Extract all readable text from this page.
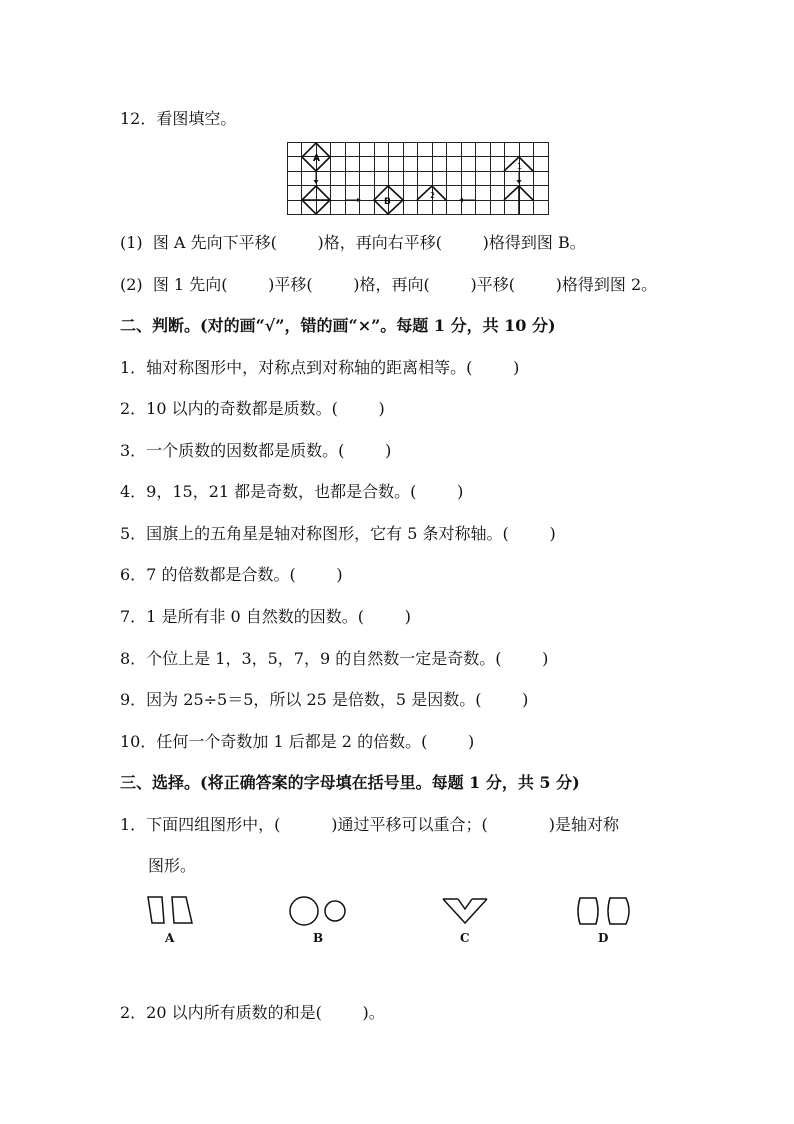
12．看图填空。
A
B
2
1
(1)  图 A 先向下平移(        )格，再向右平移(        )格得到图 B。
(2)  图 1 先向(        )平移(        )格，再向(        )平移(        )格得到图 2。
二、判断。(对的画“√”，错的画“×”。每题 1 分，共 10 分)
1．轴对称图形中，对称点到对称轴的距离相等。(        )
2．10 以内的奇数都是质数。(        )
3．一个质数的因数都是质数。(        )
4．9，15，21 都是奇数，也都是合数。(        )
5．国旗上的五角星是轴对称图形，它有 5 条对称轴。(        )
6．7 的倍数都是合数。(        )
7．1 是所有非 0 自然数的因数。(        )
8．个位上是 1，3，5，7，9 的自然数一定是奇数。(        )
9．因为 25÷5＝5，所以 25 是倍数，5 是因数。(        )
10．任何一个奇数加 1 后都是 2 的倍数。(        )
三、选择。(将正确答案的字母填在括号里。每题 1 分，共 5 分)
1．下面四组图形中，(          )通过平移可以重合；(            )是轴对称
图形。
A	B	C	D
2．20 以内所有质数的和是(        )。
